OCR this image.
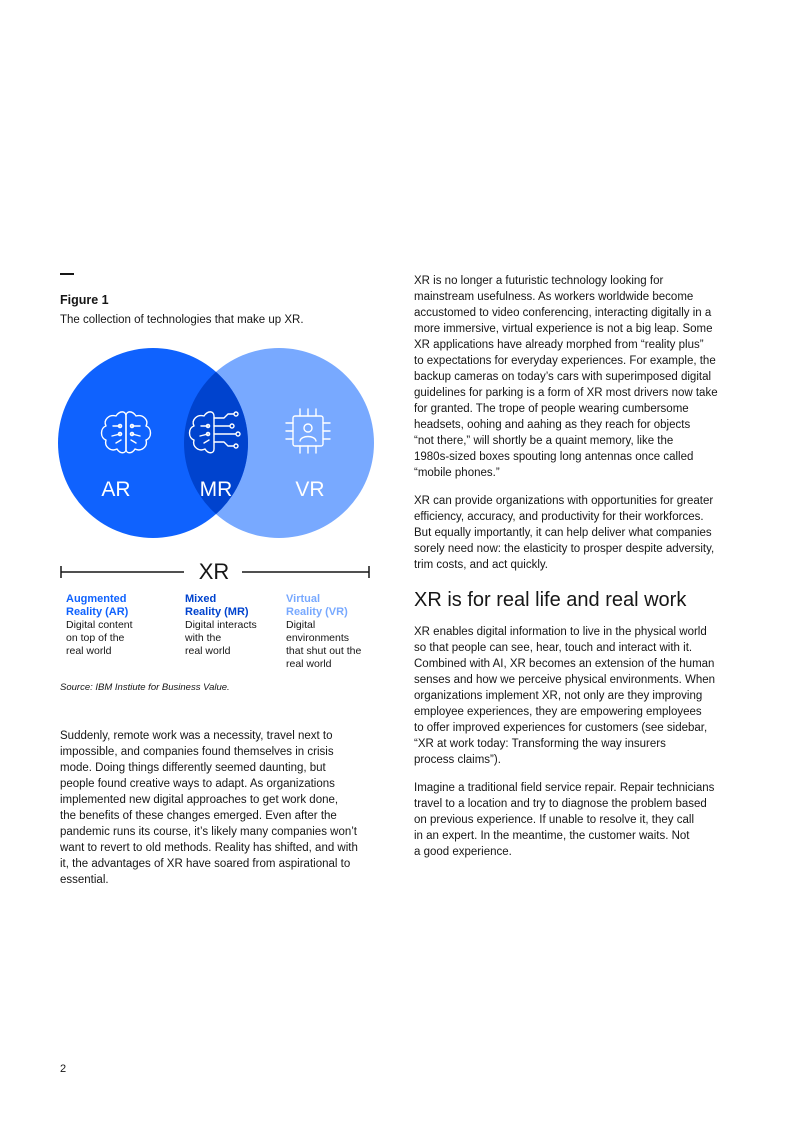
Figure 1
The collection of technologies that make up XR.
AR	MR	VR
XR
Augmented
Reality (AR)
Digital content
on top of the
real world
Mixed
Reality (MR)
Digital interacts
with the
real world
Virtual
Reality (VR)
Digital
environments
that shut out the
real world
Source: IBM Instiute for Business Value.
Suddenly, remote work was a necessity, travel next to
impossible, and companies found themselves in crisis
mode. Doing things differently seemed daunting, but
people found creative ways to adapt. As organizations
implemented new digital approaches to get work done,
the benefits of these changes emerged. Even after the
pandemic runs its course, it’s likely many companies won’t
want to revert to old methods. Reality has shifted, and with
it, the advantages of XR have soared from aspirational to
essential.
XR is no longer a futuristic technology looking for
mainstream usefulness. As workers worldwide become
accustomed to video conferencing, interacting digitally in a
more immersive, virtual experience is not a big leap. Some
XR applications have already morphed from “reality plus”
to expectations for everyday experiences. For example, the
backup cameras on today’s cars with superimposed digital
guidelines for parking is a form of XR most drivers now take
for granted. The trope of people wearing cumbersome
headsets, oohing and aahing as they reach for objects
“not there,” will shortly be a quaint memory, like the
1980s-sized boxes spouting long antennas once called
“mobile phones.”
XR can provide organizations with opportunities for greater
efficiency, accuracy, and productivity for their workforces.
But equally importantly, it can help deliver what companies
sorely need now: the elasticity to prosper despite adversity,
trim costs, and act quickly.
XR is for real life and real work
XR enables digital information to live in the physical world
so that people can see, hear, touch and interact with it.
Combined with AI, XR becomes an extension of the human
senses and how we perceive physical environments. When
organizations implement XR, not only are they improving
employee experiences, they are empowering employees
to offer improved experiences for customers (see sidebar,
“XR at work today: Transforming the way insurers
process claims”).
Imagine a traditional field service repair. Repair technicians
travel to a location and try to diagnose the problem based
on previous experience. If unable to resolve it, they call
in an expert. In the meantime, the customer waits. Not
a good experience.
2
